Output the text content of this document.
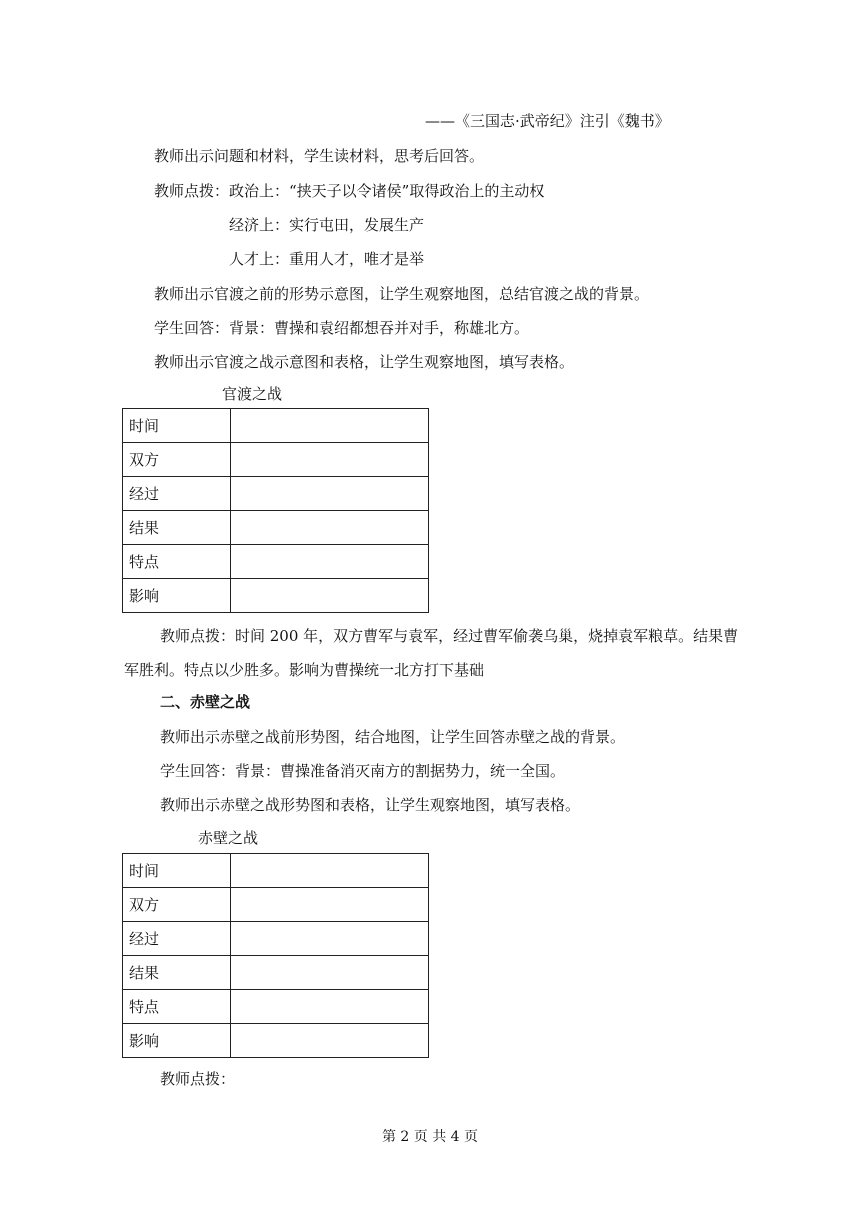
——《三国志·武帝纪》注引《魏书》
教师出示问题和材料，学生读材料，思考后回答。
教师点拨：政治上：“挟天子以令诸侯”取得政治上的主动权
经济上：实行屯田，发展生产
人才上：重用人才，唯才是举
教师出示官渡之前的形势示意图，让学生观察地图，总结官渡之战的背景。
学生回答：背景：曹操和袁绍都想吞并对手，称雄北方。
教师出示官渡之战示意图和表格，让学生观察地图，填写表格。
官渡之战
时间	
双方	
经过	
结果	
特点	
影响	
教师点拨：时间 200 年，双方曹军与袁军，经过曹军偷袭乌巢，烧掉袁军粮草。结果曹
军胜利。特点以少胜多。影响为曹操统一北方打下基础
二、赤壁之战
教师出示赤壁之战前形势图，结合地图，让学生回答赤壁之战的背景。
学生回答：背景：曹操准备消灭南方的割据势力，统一全国。
教师出示赤壁之战形势图和表格，让学生观察地图，填写表格。
赤壁之战
时间	
双方	
经过	
结果	
特点	
影响	
教师点拨：
第 2 页 共 4 页
